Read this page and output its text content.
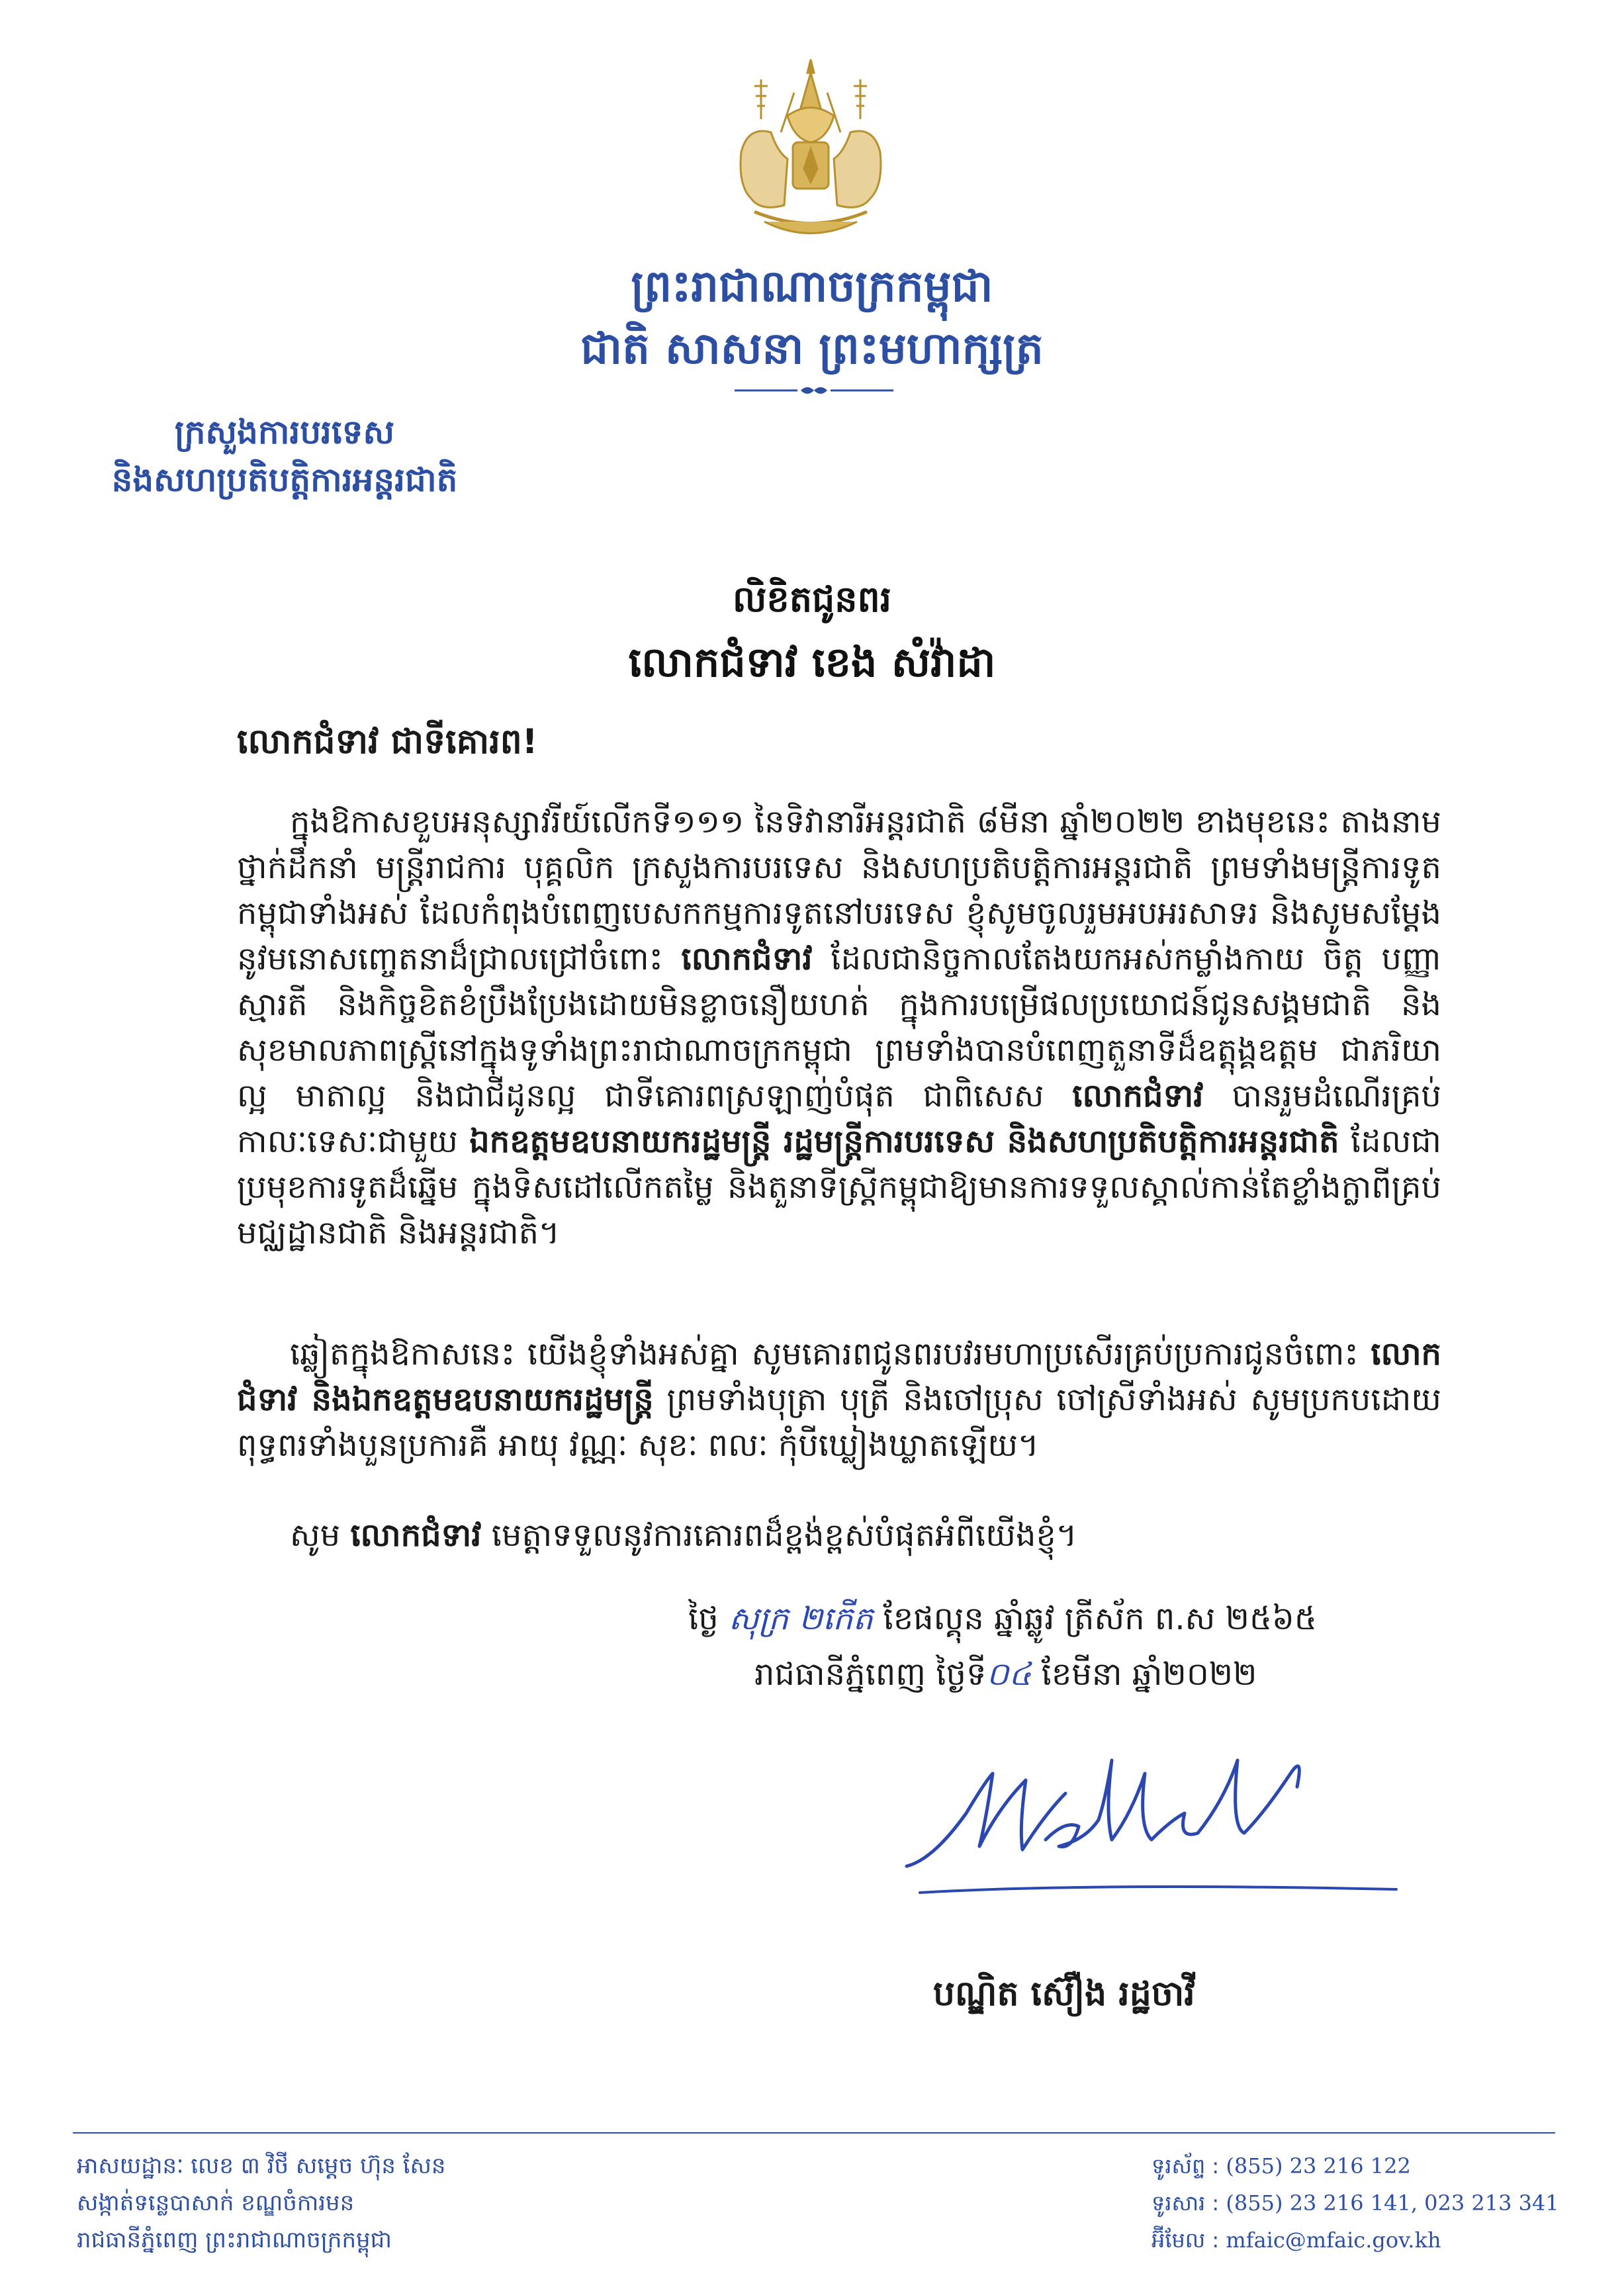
ព្រះរាជាណាចក្រកម្ពុជា
ជាតិ សាសនា ព្រះមហាក្សត្រ
ក្រសួងការបរទេស
និងសហប្រតិបត្តិការអន្តរជាតិ
លិខិតជូនពរ
លោកជំទាវ ខេង សំវ៉ាដា
លោកជំទាវ ជាទីគោរព!

ក្នុងឱកាសខួបអនុស្សាវរីយ៍លើកទី១១១ នៃទិវានារីអន្តរជាតិ ៨មីនា ឆ្នាំ២០២២ ខាងមុខនេះ តាងនាមថ្នាក់ដឹកនាំ មន្ត្រីរាជការ បុគ្គលិក ក្រសួងការបរទេស និងសហប្រតិបត្តិការអន្តរជាតិ ព្រមទាំងមន្ត្រីការទូតកម្ពុជាទាំងអស់ ដែលកំពុងបំពេញបេសកកម្មការទូតនៅបរទេស ខ្ញុំសូមចូលរួមអបអរសាទរ និងសូមសម្ដែងនូវមនោសញ្ចេតនាដ៏ជ្រាលជ្រៅចំពោះ លោកជំទាវ ដែលជានិច្ចកាលតែងយកអស់កម្លាំងកាយ ចិត្ត បញ្ញា ស្មារតី និងកិច្ចខិតខំប្រឹងប្រែងដោយមិនខ្លាចនឿយហត់ ក្នុងការបម្រើផលប្រយោជន៍ជូនសង្គមជាតិ និងសុខមាលភាពស្ត្រីនៅក្នុងទូទាំងព្រះរាជាណាចក្រកម្ពុជា ព្រមទាំងបានបំពេញតួនាទីដ៏ឧត្តុង្គឧត្តម ជាភរិយាល្អ មាតាល្អ និងជាជីដូនល្អ ជាទីគោរពស្រឡាញ់បំផុត ជាពិសេស លោកជំទាវ បានរួមដំណើរគ្រប់កាលៈទេសៈជាមួយ ឯកឧត្តមឧបនាយករដ្ឋមន្ត្រី រដ្ឋមន្ត្រីការបរទេស និងសហប្រតិបត្តិការអន្តរជាតិ ដែលជាប្រមុខការទូតដ៏ឆ្នើម ក្នុងទិសដៅលើកតម្លៃ និងតួនាទីស្ត្រីកម្ពុជាឱ្យមានការទទួលស្គាល់កាន់តែខ្លាំងក្លាពីគ្រប់មជ្ឈដ្ឋានជាតិ និងអន្តរជាតិ។

ឆ្លៀតក្នុងឱកាសនេះ យើងខ្ញុំទាំងអស់គ្នា សូមគោរពជូនពរបវរមហាប្រសើរគ្រប់ប្រការជូនចំពោះ លោកជំទាវ និងឯកឧត្តមឧបនាយករដ្ឋមន្ត្រី ព្រមទាំងបុត្រា បុត្រី និងចៅប្រុស ចៅស្រីទាំងអស់ សូមប្រកបដោយពុទ្ធពរទាំងបួនប្រការគឺ អាយុ វណ្ណៈ សុខៈ ពលៈ កុំបីឃ្លៀងឃ្លាតឡើយ។

សូម លោកជំទាវ មេត្តាទទួលនូវការគោរពដ៏ខ្ពង់ខ្ពស់បំផុតអំពីយើងខ្ញុំ។

ថ្ងៃ សុក្រ ២កើត ខែផល្គុន ឆ្នាំឆ្លូវ ត្រីស័ក ព.ស ២៥៦៥
រាជធានីភ្នំពេញ ថ្ងៃទី០៤ ខែមីនា ឆ្នាំ២០២២
បណ្ឌិត ស៊ឿង រដ្ឋចាវី
អាសយដ្ឋានៈ លេខ ៣ វិថី សម្តេច ហ៊ុន សែន
សង្កាត់ទន្លេបាសាក់ ខណ្ឌចំការមន
រាជធានីភ្នំពេញ ព្រះរាជាណាចក្រកម្ពុជា
ទូរស័ព្ទ : (855) 23 216 122
ទូរសារ : (855) 23 216 141, 023 213 341
អ៊ីមែល : mfaic@mfaic.gov.kh
